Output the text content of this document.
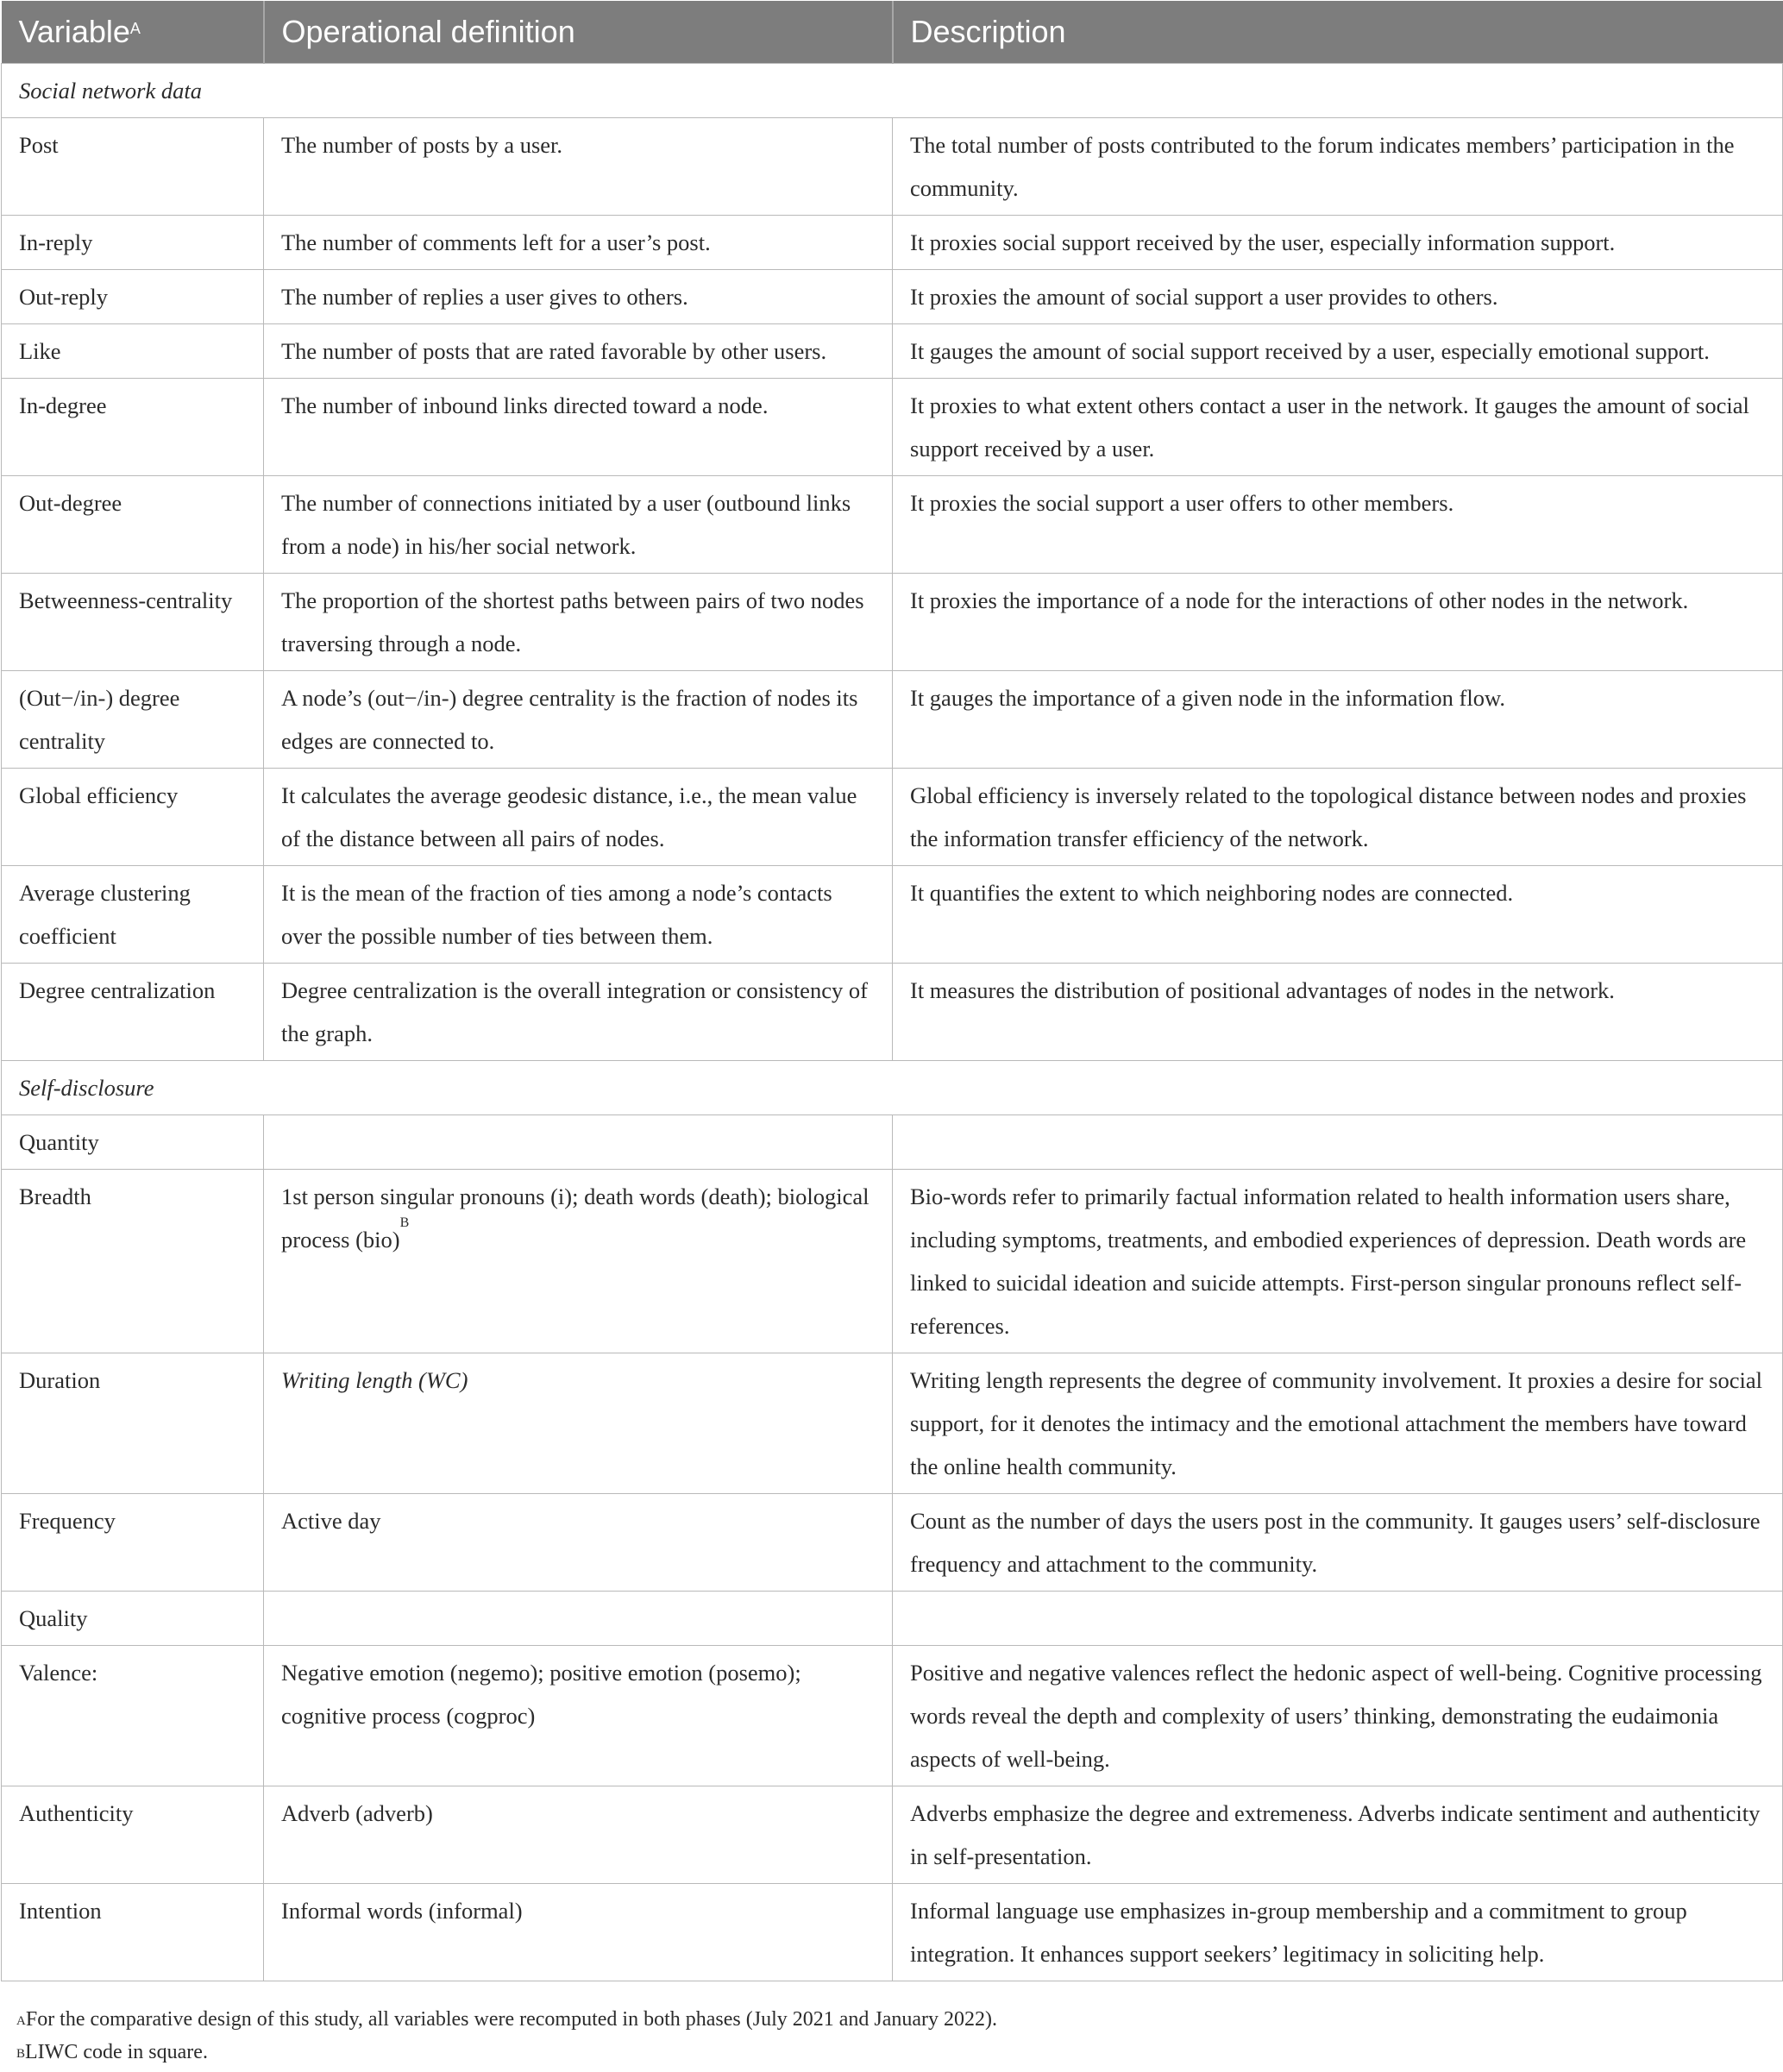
Variable$^A$	Operational definition	Description
Social network data		
Post	The number of posts by a user.	The total number of posts contributed to the forum indicates members’ participation in the community.
In-reply	The number of comments left for a user’s post.	It proxies social support received by the user, especially information support.
Out-reply	The number of replies a user gives to others.	It proxies the amount of social support a user provides to others.
Like	The number of posts that are rated favorable by other users.	It gauges the amount of social support received by a user, especially emotional support.
In-degree	The number of inbound links directed toward a node.	It proxies to what extent others contact a user in the network. It gauges the amount of social support received by a user.
Out-degree	The number of connections initiated by a user (outbound links from a node) in his/her social network.	It proxies the social support a user offers to other members.
Betweenness-centrality	The proportion of the shortest paths between pairs of two nodes traversing through a node.	It proxies the importance of a node for the interactions of other nodes in the network.
(Out−/in-) degree centrality	A node’s (out−/in-) degree centrality is the fraction of nodes its edges are connected to.	It gauges the importance of a given node in the information flow.
Global efficiency	It calculates the average geodesic distance, i.e., the mean value of the distance between all pairs of nodes.	Global efficiency is inversely related to the topological distance between nodes and proxies the information transfer efficiency of the network.
Average clustering coefficient	It is the mean of the fraction of ties among a node’s contacts over the possible number of ties between them.	It quantifies the extent to which neighboring nodes are connected.
Degree centralization	Degree centralization is the overall integration or consistency of the graph.	It measures the distribution of positional advantages of nodes in the network.
Self-disclosure		
Quantity		
Breadth	1st person singular pronouns (i); death words (death); biological process (bio)$^B$	Bio-words refer to primarily factual information related to health information users share, including symptoms, treatments, and embodied experiences of depression. Death words are linked to suicidal ideation and suicide attempts. First-person singular pronouns reflect self-references.
Duration	Writing length (WC)	Writing length represents the degree of community involvement. It proxies a desire for social support, for it denotes the intimacy and the emotional attachment the members have toward the online health community.
Frequency	Active day	Count as the number of days the users post in the community. It gauges users’ self-disclosure frequency and attachment to the community.
Quality		
Valence:	Negative emotion (negemo); positive emotion (posemo); cognitive process (cogproc)	Positive and negative valences reflect the hedonic aspect of well-being. Cognitive processing words reveal the depth and complexity of users’ thinking, demonstrating the eudaimonia aspects of well-being.
Authenticity	Adverb (adverb)	Adverbs emphasize the degree and extremeness. Adverbs indicate sentiment and authenticity in self-presentation.
Intention	Informal words (informal)	Informal language use emphasizes in-group membership and a commitment to group integration. It enhances support seekers’ legitimacy in soliciting help.
$^A$For the comparative design of this study, all variables were recomputed in both phases (July 2021 and January 2022).
$^B$LIWC code in square.
